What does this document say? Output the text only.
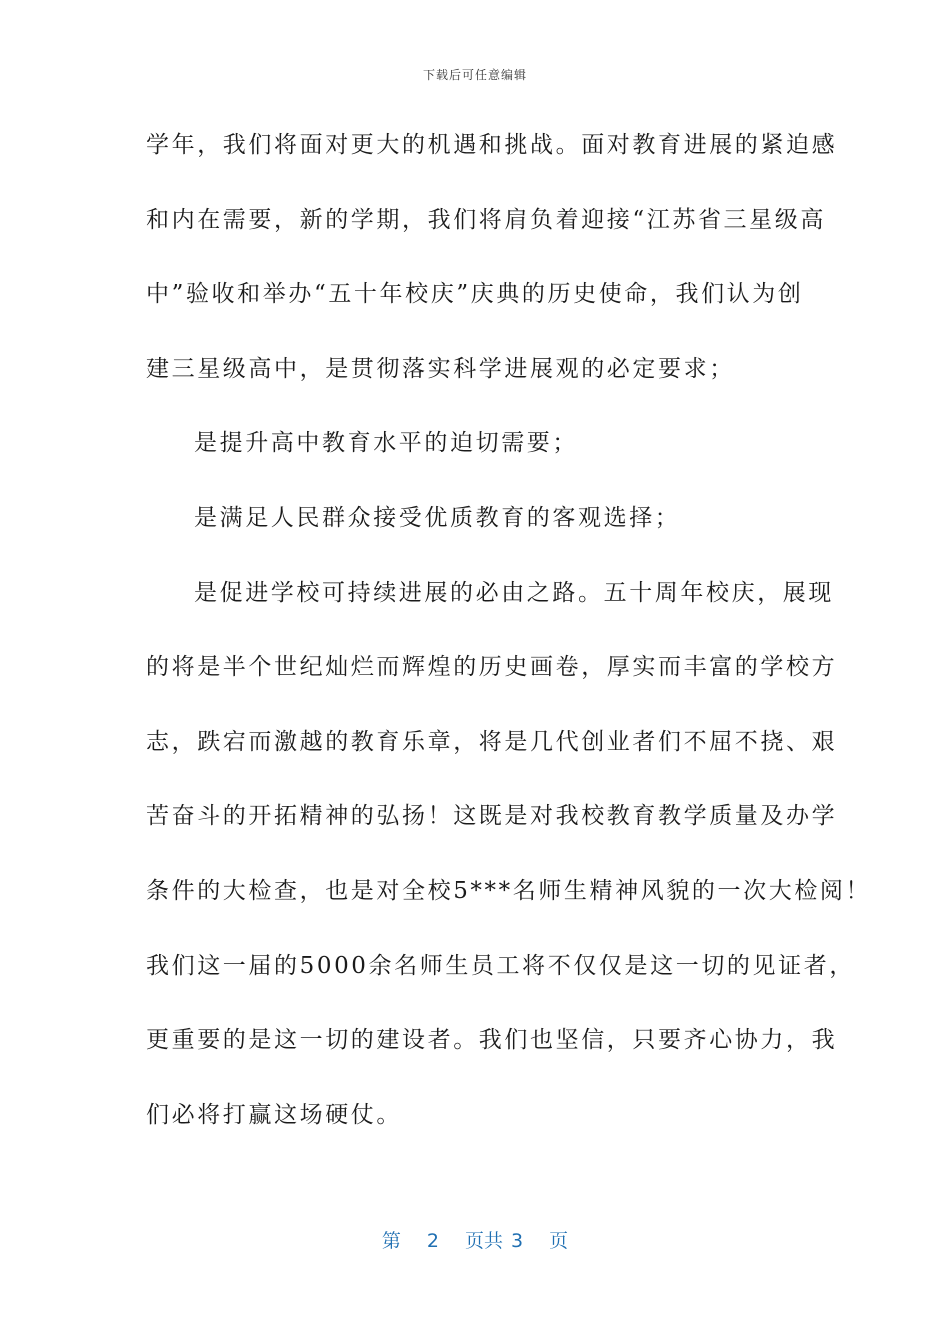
下载后可任意编辑
学年，我们将面对更大的机遇和挑战。面对教育进展的紧迫感
和内在需要，新的学期，我们将肩负着迎接“江苏省三星级高
中”验收和举办“五十年校庆”庆典的历史使命，我们认为创
建三星级高中，是贯彻落实科学进展观的必定要求；
是提升高中教育水平的迫切需要；
是满足人民群众接受优质教育的客观选择；
是促进学校可持续进展的必由之路。五十周年校庆，展现
的将是半个世纪灿烂而辉煌的历史画卷，厚实而丰富的学校方
志，跌宕而激越的教育乐章，将是几代创业者们不屈不挠、艰
苦奋斗的开拓精神的弘扬！这既是对我校教育教学质量及办学
条件的大检查，也是对全校5***名师生精神风貌的一次大检阅！
我们这一届的5000余名师生员工将不仅仅是这一切的见证者，
更重要的是这一切的建设者。我们也坚信，只要齐心协力，我
们必将打赢这场硬仗。
第 2 页共 3 页
